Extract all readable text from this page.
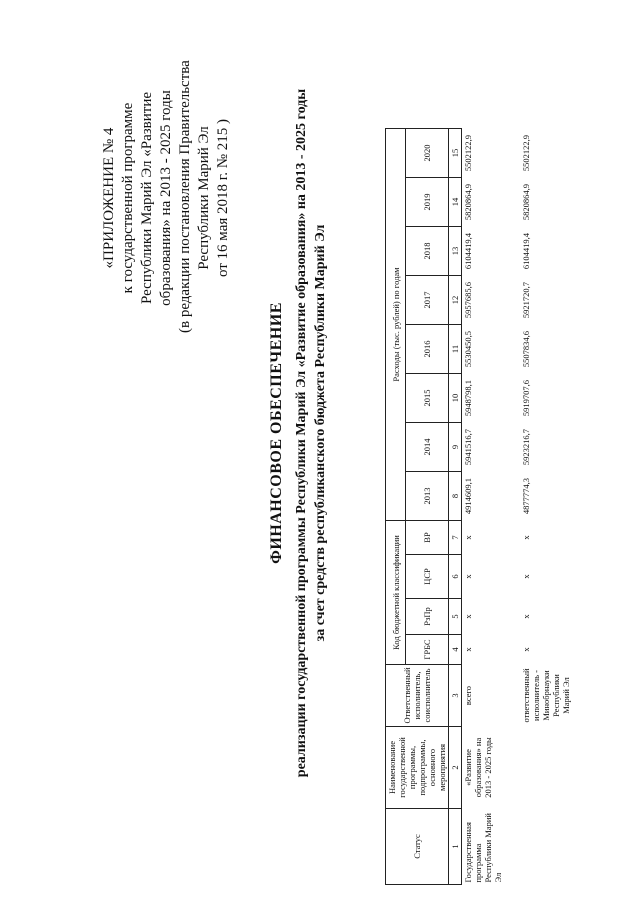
«ПРИЛОЖЕНИЕ № 4 к государственной программе Республики Марий Эл «Развитие образования» на 2013 - 2025 годы (в редакции постановления Правительства Республики Марий Эл от 16 мая 2018 г. № 215 )
ФИНАНСОВОЕ ОБЕСПЕЧЕНИЕ реализации государственной программы Республики Марий Эл «Развитие образования» на 2013 - 2025 годы за счет средств республиканского бюджета Республики Марий Эл
Статус	Наименование государственной программы, подпрограммы, основного мероприятия	Ответственный исполнитель, соисполнитель	Код бюджетной классификации				Расходы (тыс. рублей) по годам							
			ГРБС	РзПр	ЦСР	ВР	2013	2014	2015	2016	2017	2018	2019	2020
1	2	3	4	5	6	7	8	9	10	11	12	13	14	15
Государственная программа Республики Марий Эл	«Развитие образования» на 2013 - 2025 годы	всего	x	x	x	x	4914609,1	5941516,7	5948798,1	5530450,5	5957685,6	6104419,4	5820864,9	5502122,9
		ответственный исполнитель - Минобрнауки Республики Марий Эл	x	x	x	x	4877774,3	5923216,7	5919707,6	5507834,6	5921720,7	6104419,4	5820864,9	5502122,9
